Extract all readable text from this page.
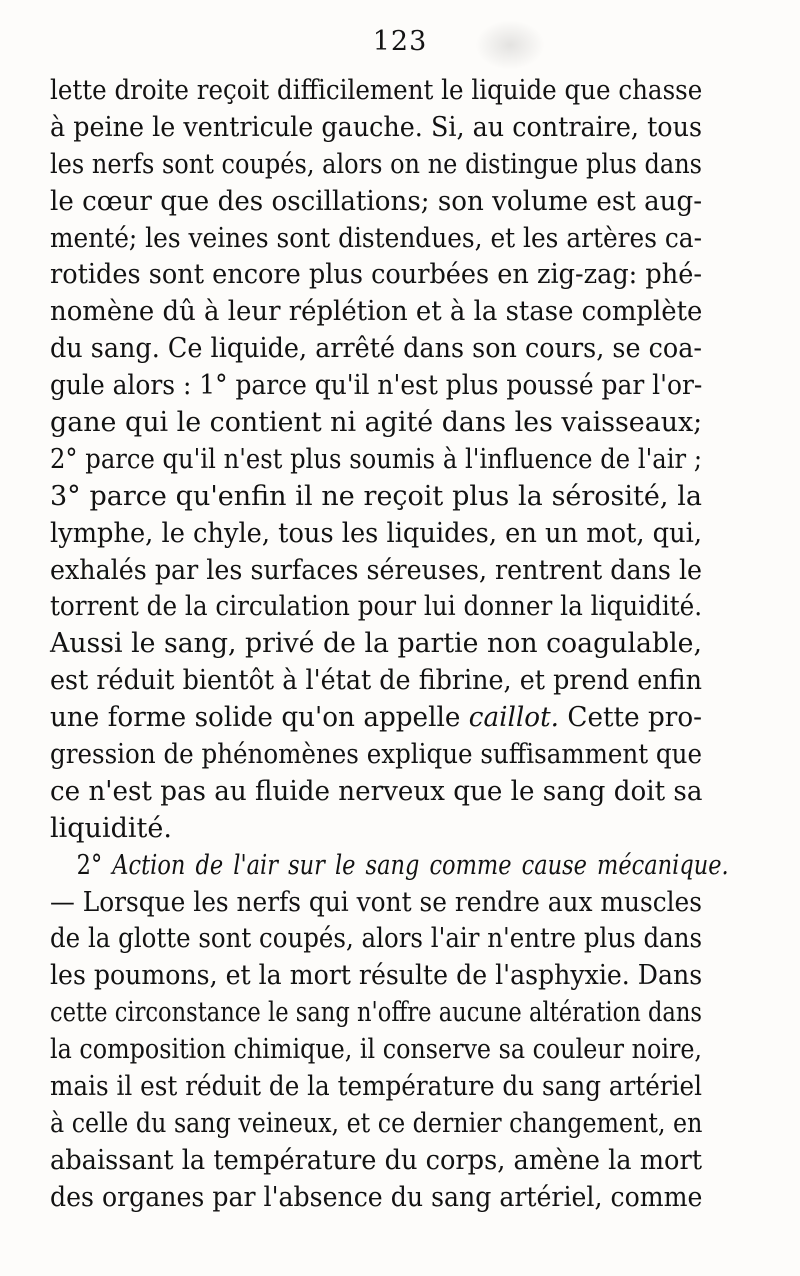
123
lette droite reçoit difficilement le liquide que chasse
à peine le ventricule gauche. Si, au contraire, tous
les nerfs sont coupés, alors on ne distingue plus dans
le cœur que des oscillations; son volume est aug-
menté; les veines sont distendues, et les artères ca-
rotides sont encore plus courbées en zig-zag: phé-
nomène dû à leur réplétion et à la stase complète
du sang. Ce liquide, arrêté dans son cours, se coa-
gule alors : 1° parce qu'il n'est plus poussé par l'or-
gane qui le contient ni agité dans les vaisseaux;
2° parce qu'il n'est plus soumis à l'influence de l'air ;
3° parce qu'enfin il ne reçoit plus la sérosité, la
lymphe, le chyle, tous les liquides, en un mot, qui,
exhalés par les surfaces séreuses, rentrent dans le
torrent de la circulation pour lui donner la liquidité.
Aussi le sang, privé de la partie non coagulable,
est réduit bientôt à l'état de fibrine, et prend enfin
une forme solide qu'on appelle caillot. Cette pro-
gression de phénomènes explique suffisamment que
ce n'est pas au fluide nerveux que le sang doit sa
liquidité.
2° Action de l'air sur le sang comme cause mécanique.
— Lorsque les nerfs qui vont se rendre aux muscles
de la glotte sont coupés, alors l'air n'entre plus dans
les poumons, et la mort résulte de l'asphyxie. Dans
cette circonstance le sang n'offre aucune altération dans
la composition chimique, il conserve sa couleur noire,
mais il est réduit de la température du sang artériel
à celle du sang veineux, et ce dernier changement, en
abaissant la température du corps, amène la mort
des organes par l'absence du sang artériel, comme
